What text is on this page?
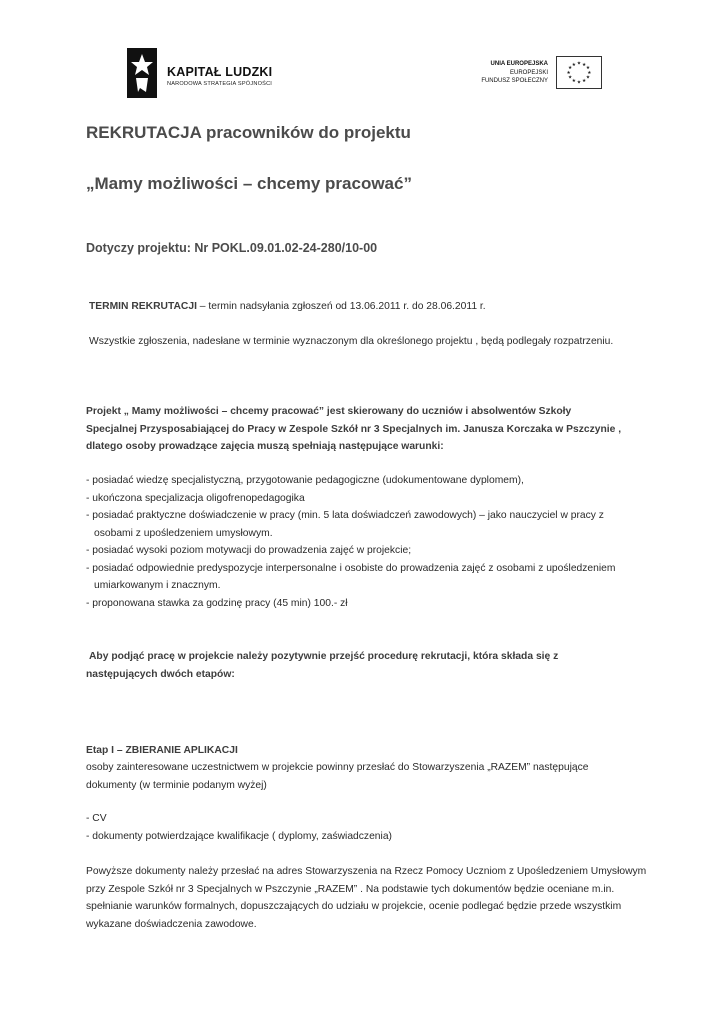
KAPITAŁ LUDZKI
NARODOWA STRATEGIA SPÓJNOŚCI
UNIA EUROPEJSKA
EUROPEJSKI
FUNDUSZ SPOŁECZNY
★ ★
★
★
★
★
★
★
★
★
★
★
REKRUTACJA pracowników do projektu
„Mamy możliwości – chcemy pracować”
Dotyczy projektu: Nr POKL.09.01.02-24-280/10-00
TERMIN REKRUTACJI – termin nadsyłania zgłoszeń od 13.06.2011 r. do 28.06.2011 r.
Wszystkie zgłoszenia, nadesłane w terminie wyznaczonym dla określonego projektu , będą podlegały rozpatrzeniu.
Projekt „ Mamy możliwości – chcemy pracować” jest skierowany do uczniów i absolwentów Szkoły
Specjalnej Przysposabiającej do Pracy w Zespole Szkół nr 3 Specjalnych im. Janusza Korczaka w Pszczynie ,
dlatego osoby prowadzące zajęcia muszą spełniają następujące warunki:
- posiadać wiedzę specjalistyczną, przygotowanie pedagogiczne (udokumentowane dyplomem),
- ukończona specjalizacja oligofrenopedagogika
- posiadać praktyczne doświadczenie w pracy (min. 5 lata doświadczeń zawodowych) – jako nauczyciel w pracy z
osobami z upośledzeniem umysłowym.
- posiadać wysoki poziom motywacji do prowadzenia zajęć w projekcie;
- posiadać odpowiednie predyspozycje interpersonalne i osobiste do prowadzenia zajęć z osobami z upośledzeniem
umiarkowanym i znacznym.
- proponowana stawka za godzinę pracy (45 min) 100.- zł
Aby podjąć pracę w projekcie należy pozytywnie przejść procedurę rekrutacji, która składa się z
następujących dwóch etapów:
Etap I – ZBIERANIE APLIKACJI
osoby zainteresowane uczestnictwem w projekcie powinny przesłać do Stowarzyszenia „RAZEM” następujące
dokumenty (w terminie podanym wyżej)
- CV
- dokumenty potwierdzające kwalifikacje ( dyplomy, zaświadczenia)
Powyższe dokumenty należy przesłać na adres Stowarzyszenia na Rzecz Pomocy Uczniom z Upośledzeniem Umysłowym
przy Zespole Szkół nr 3 Specjalnych w Pszczynie „RAZEM” . Na podstawie tych dokumentów będzie oceniane m.in.
spełnianie warunków formalnych, dopuszczających do udziału w projekcie, ocenie podlegać będzie przede wszystkim
wykazane doświadczenia zawodowe.
